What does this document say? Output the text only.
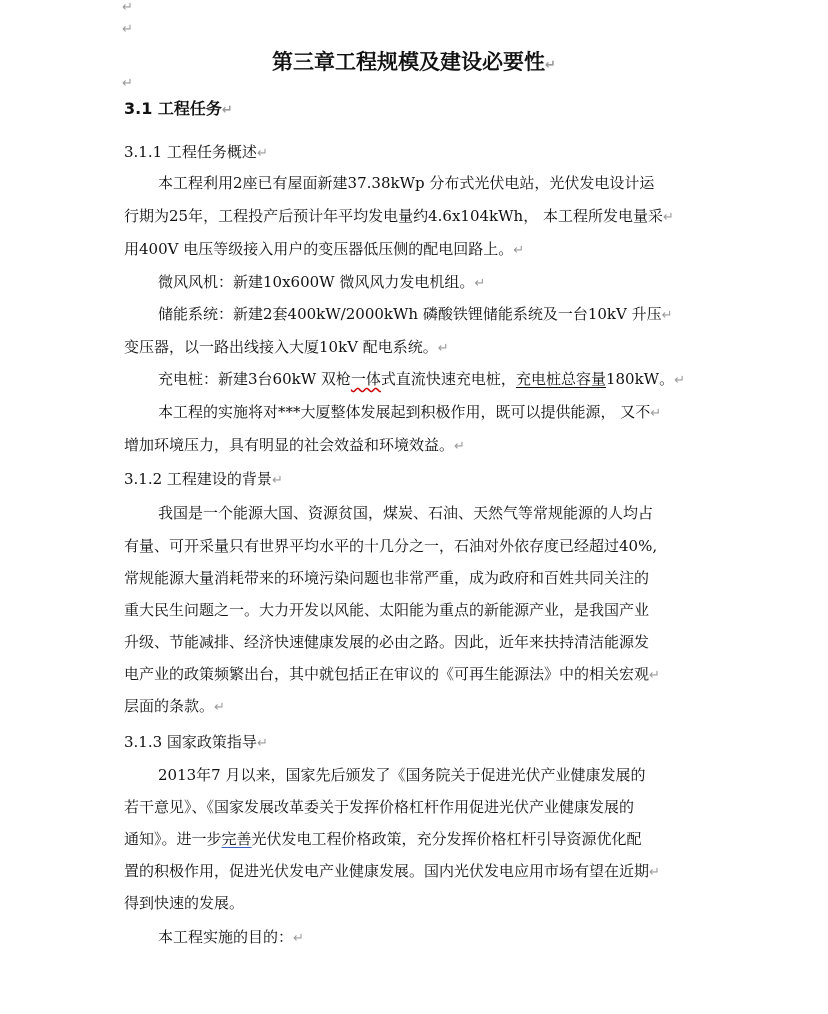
↵
↵
第三章工程规模及建设必要性↵
↵
3.1 工程任务↵
3.1.1 工程任务概述↵
本工程利用2座已有屋面新建37.38kWp 分布式光伏电站，光伏发电设计运
行期为25年，工程投产后预计年平均发电量约4.6x104kWh， 本工程所发电量采↵
用400V 电压等级接入用户的变压器低压侧的配电回路上。↵
微风风机：新建10x600W 微风风力发电机组。↵
储能系统：新建2套400kW/2000kWh 磷酸铁锂储能系统及一台10kV 升压↵
变压器，以一路出线接入大厦10kV 配电系统。↵
充电桩：新建3台60kW 双枪一体式直流快速充电桩，充电桩总容量180kW。↵
本工程的实施将对***大厦整体发展起到积极作用，既可以提供能源， 又不↵
增加环境压力，具有明显的社会效益和环境效益。↵
3.1.2 工程建设的背景↵
我国是一个能源大国、资源贫国，煤炭、石油、天然气等常规能源的人均占
有量、可开采量只有世界平均水平的十几分之一，石油对外依存度已经超过40%,
常规能源大量消耗带来的环境污染问题也非常严重，成为政府和百姓共同关注的
重大民生问题之一。大力开发以风能、太阳能为重点的新能源产业，是我国产业
升级、节能减排、经济快速健康发展的必由之路。因此，近年来扶持清洁能源发
电产业的政策频繁出台，其中就包括正在审议的《可再生能源法》中的相关宏观↵
层面的条款。↵
3.1.3 国家政策指导↵
2013年7 月以来，国家先后颁发了《国务院关于促进光伏产业健康发展的
若干意见》、《国家发展改革委关于发挥价格杠杆作用促进光伏产业健康发展的
通知》。进一步完善光伏发电工程价格政策，充分发挥价格杠杆引导资源优化配
置的积极作用，促进光伏发电产业健康发展。国内光伏发电应用市场有望在近期↵
得到快速的发展。
本工程实施的目的：↵
